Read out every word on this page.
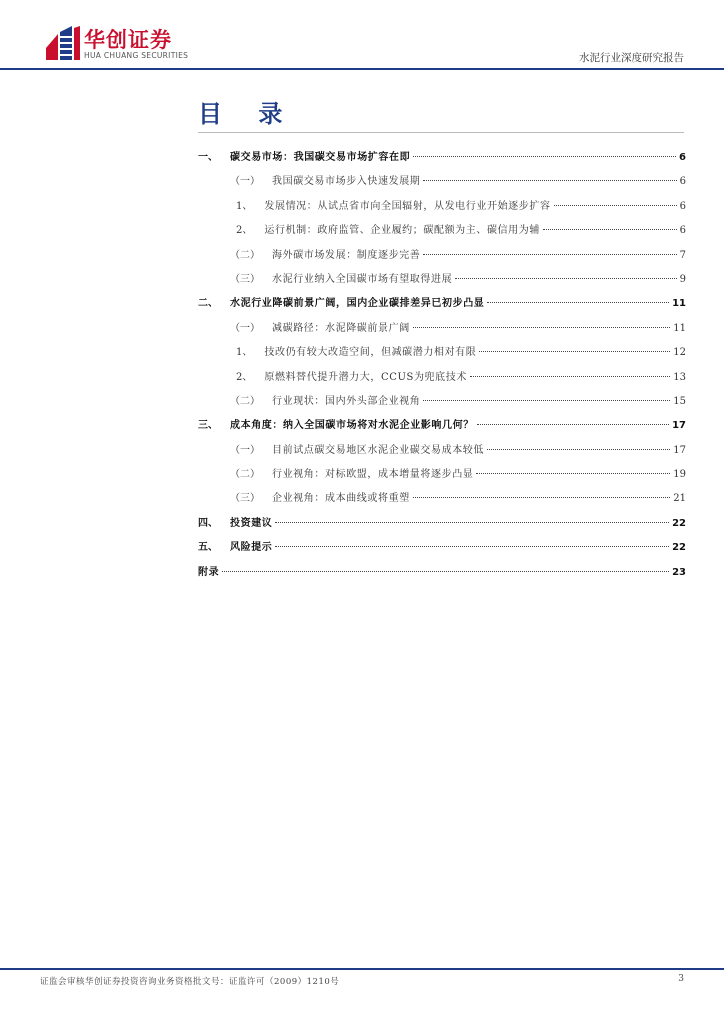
华创证券
HUA CHUANG SECURITIES	水泥行业深度研究报告
目 录
一、 碳交易市场：我国碳交易市场扩容在即	6
（一） 我国碳交易市场步入快速发展期	6
1、 发展情况：从试点省市向全国辐射，从发电行业开始逐步扩容	6
2、 运行机制：政府监管、企业履约；碳配额为主、碳信用为辅	6
（二） 海外碳市场发展：制度逐步完善	7
（三） 水泥行业纳入全国碳市场有望取得进展	9
二、 水泥行业降碳前景广阔，国内企业碳排差异已初步凸显	11
（一） 减碳路径：水泥降碳前景广阔	11
1、 技改仍有较大改造空间，但减碳潜力相对有限	12
2、 原燃料替代提升潜力大，CCUS为兜底技术	13
（二） 行业现状：国内外头部企业视角	15
三、 成本角度：纳入全国碳市场将对水泥企业影响几何？	17
（一） 目前试点碳交易地区水泥企业碳交易成本较低	17
（二） 行业视角：对标欧盟，成本增量将逐步凸显	19
（三） 企业视角：成本曲线或将重塑	21
四、 投资建议	22
五、 风险提示	22
附录	23
证监会审核华创证券投资咨询业务资格批文号：证监许可（2009）1210号	3
